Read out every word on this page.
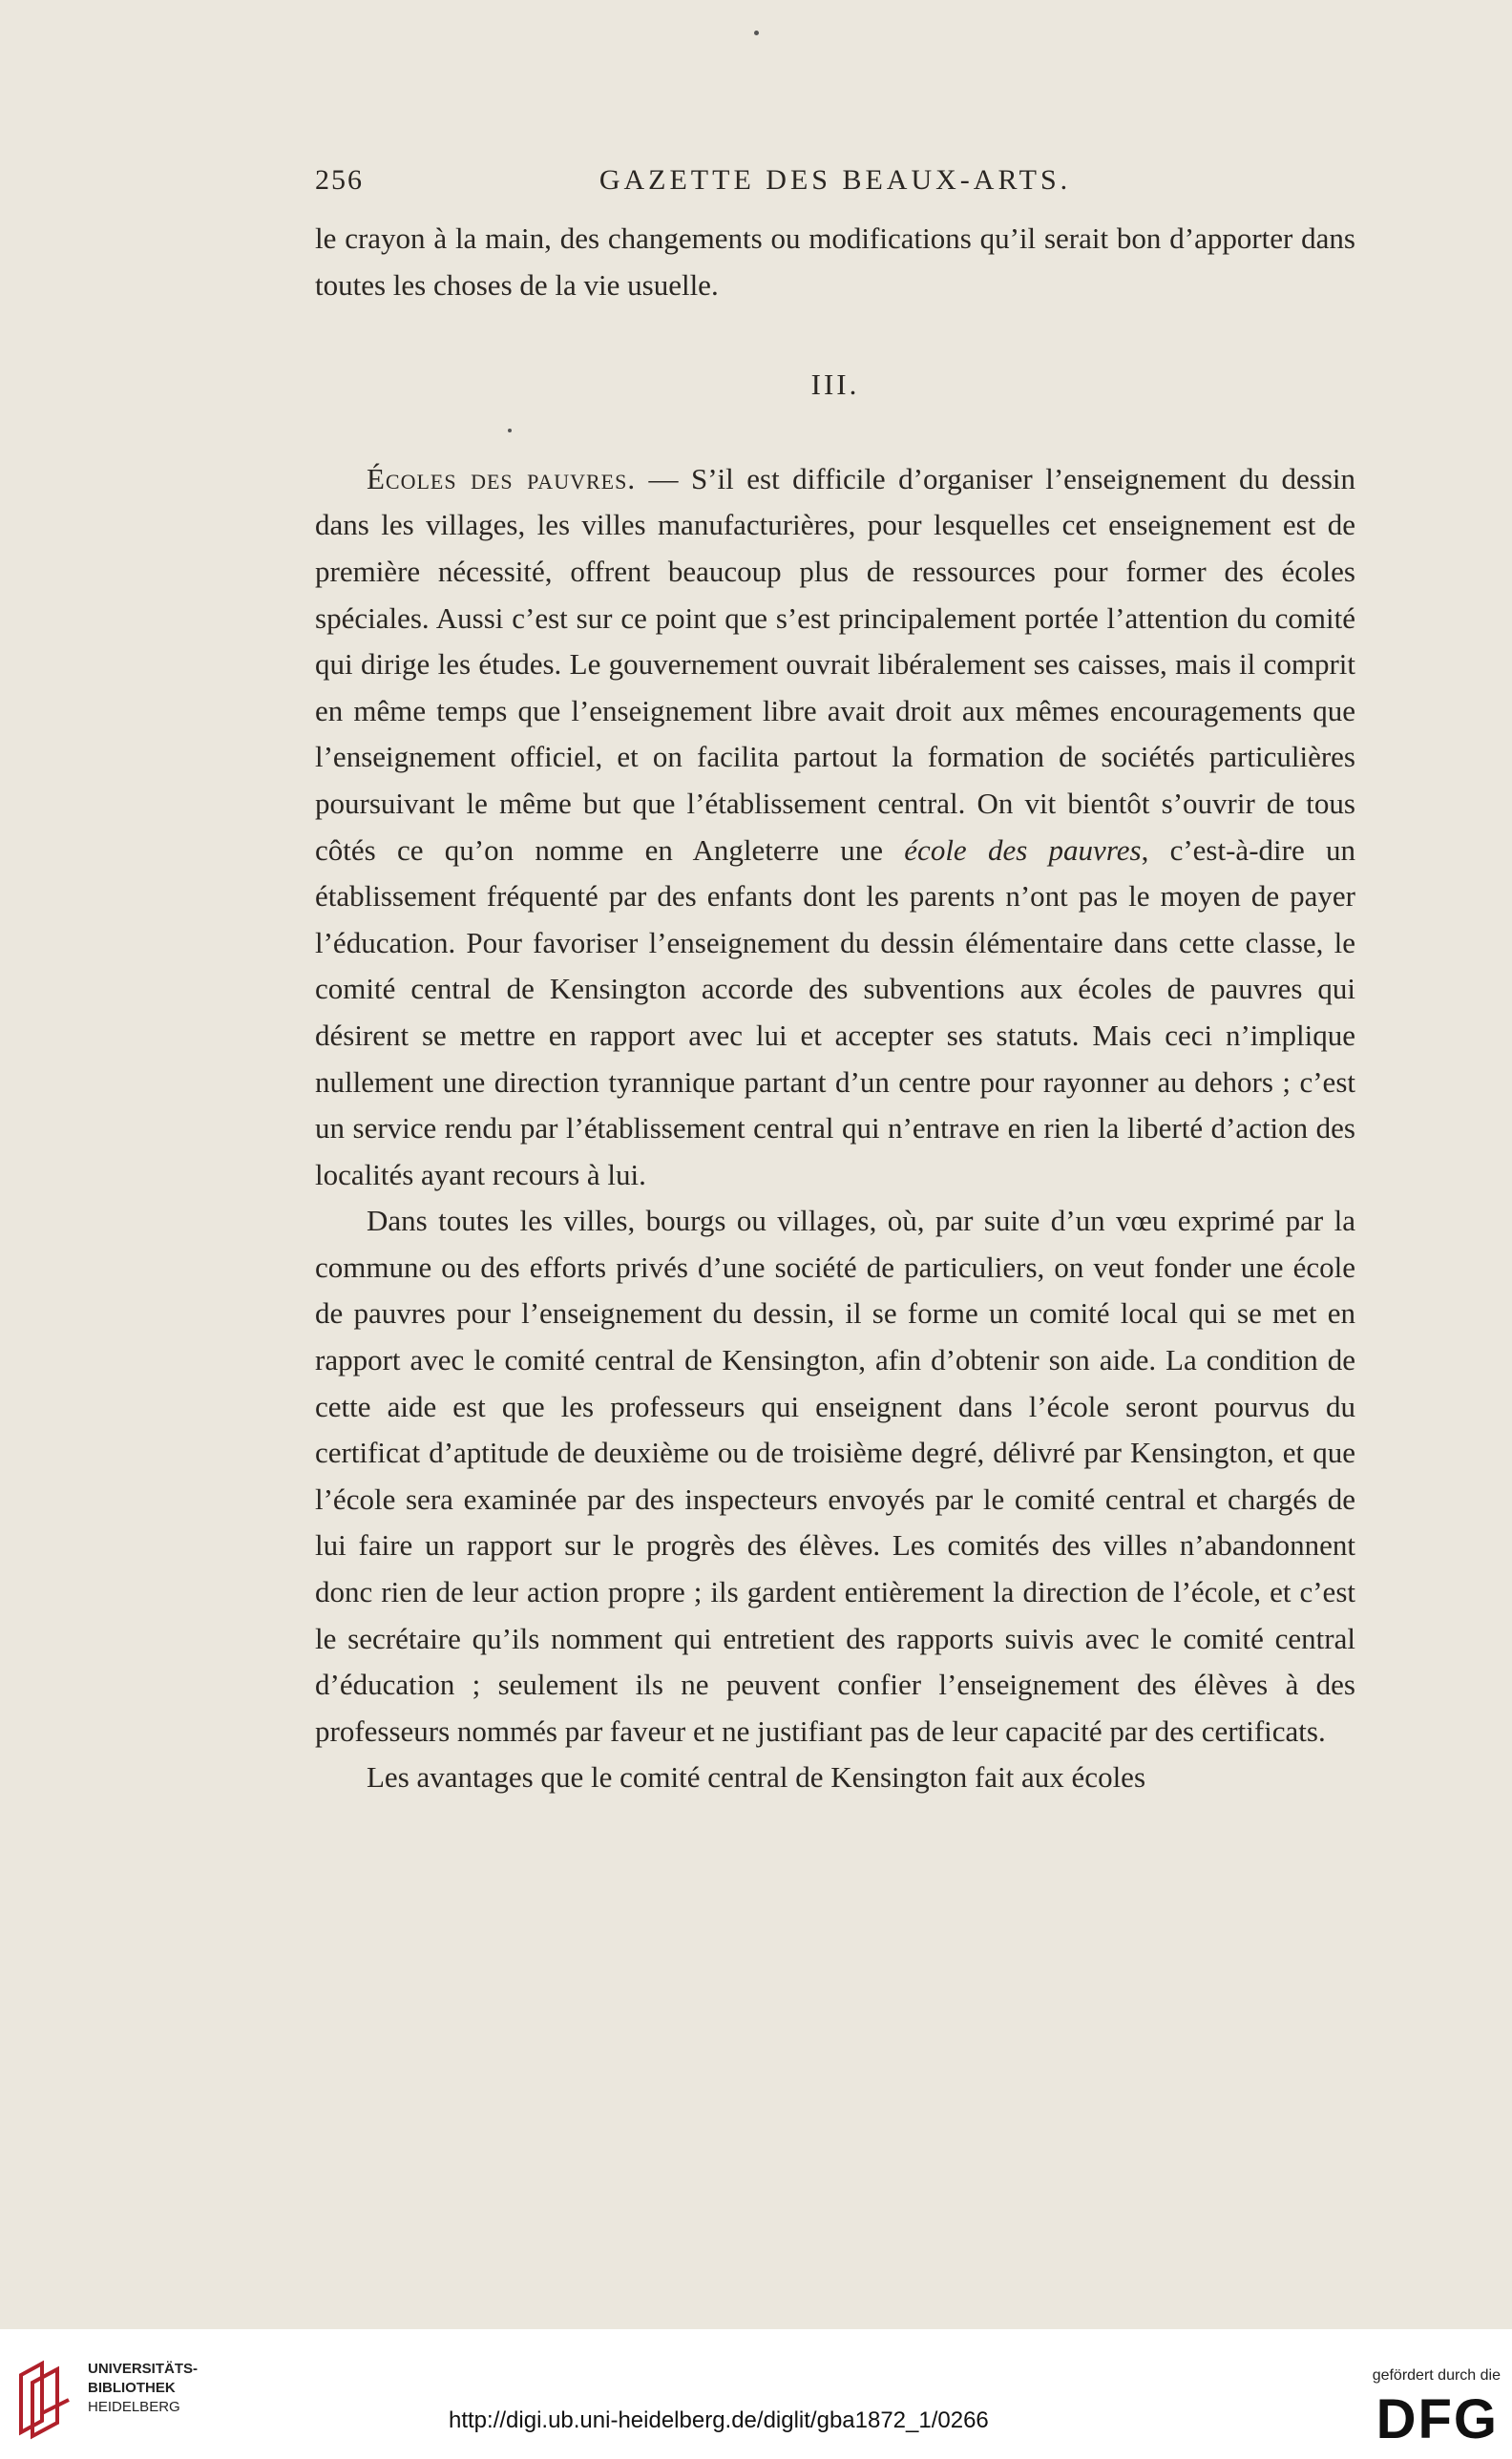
256	GAZETTE DES BEAUX-ARTS.

le crayon à la main, des changements ou modifications qu’il serait bon d’apporter dans toutes les choses de la vie usuelle.

III.

Écoles des pauvres. — S’il est difficile d’organiser l’enseignement du dessin dans les villages, les villes manufacturières, pour lesquelles cet enseignement est de première nécessité, offrent beaucoup plus de ressources pour former des écoles spéciales. Aussi c’est sur ce point que s’est principalement portée l’attention du comité qui dirige les études. Le gouvernement ouvrait libéralement ses caisses, mais il comprit en même temps que l’enseignement libre avait droit aux mêmes encouragements que l’enseignement officiel, et on facilita partout la formation de sociétés particulières poursuivant le même but que l’établissement central. On vit bientôt s’ouvrir de tous côtés ce qu’on nomme en Angleterre une école des pauvres, c’est-à-dire un établissement fréquenté par des enfants dont les parents n’ont pas le moyen de payer l’éducation. Pour favoriser l’enseignement du dessin élémentaire dans cette classe, le comité central de Kensington accorde des subventions aux écoles de pauvres qui désirent se mettre en rapport avec lui et accepter ses statuts. Mais ceci n’implique nullement une direction tyrannique partant d’un centre pour rayonner au dehors ; c’est un service rendu par l’établissement central qui n’entrave en rien la liberté d’action des localités ayant recours à lui.

Dans toutes les villes, bourgs ou villages, où, par suite d’un vœu exprimé par la commune ou des efforts privés d’une société de particuliers, on veut fonder une école de pauvres pour l’enseignement du dessin, il se forme un comité local qui se met en rapport avec le comité central de Kensington, afin d’obtenir son aide. La condition de cette aide est que les professeurs qui enseignent dans l’école seront pourvus du certificat d’aptitude de deuxième ou de troisième degré, délivré par Kensington, et que l’école sera examinée par des inspecteurs envoyés par le comité central et chargés de lui faire un rapport sur le progrès des élèves. Les comités des villes n’abandonnent donc rien de leur action propre ; ils gardent entièrement la direction de l’école, et c’est le secrétaire qu’ils nomment qui entretient des rapports suivis avec le comité central d’éducation ; seulement ils ne peuvent confier l’enseignement des élèves à des professeurs nommés par faveur et ne justifiant pas de leur capacité par des certificats.

Les avantages que le comité central de Kensington fait aux écoles

UNIVERSITÄTS-
BIBLIOTHEK
HEIDELBERG
http://digi.ub.uni-heidelberg.de/diglit/gba1872_1/0266
gefördert durch die
DFG
